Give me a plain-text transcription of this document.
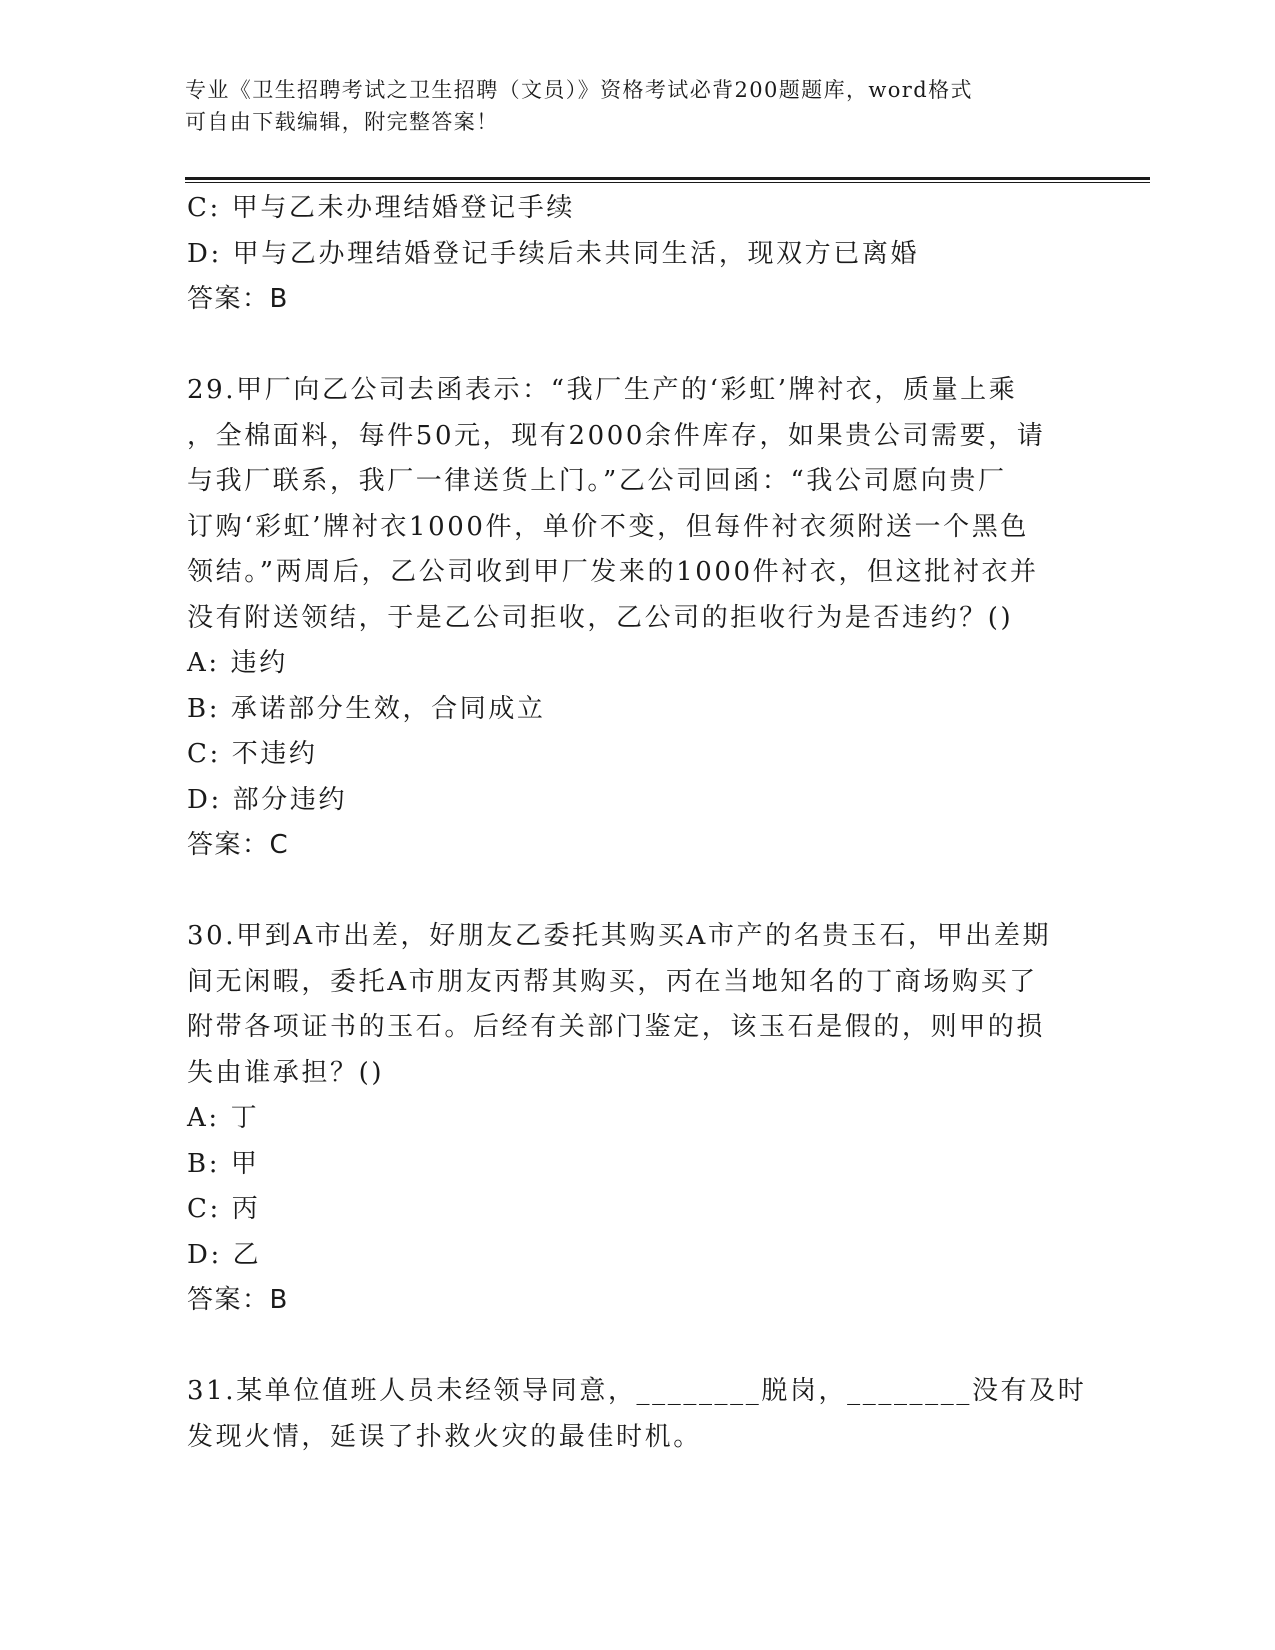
专业《卫生招聘考试之卫生招聘（文员）》资格考试必背200题题库，word格式
可自由下载编辑，附完整答案！
C: 甲与乙未办理结婚登记手续
D: 甲与乙办理结婚登记手续后未共同生活，现双方已离婚
答案：B
29.甲厂向乙公司去函表示：“我厂生产的‘彩虹’牌衬衣，质量上乘
，全棉面料，每件50元，现有2000余件库存，如果贵公司需要，请
与我厂联系，我厂一律送货上门。”乙公司回函：“我公司愿向贵厂
订购‘彩虹’牌衬衣1000件，单价不变，但每件衬衣须附送一个黑色
领结。”两周后，乙公司收到甲厂发来的1000件衬衣，但这批衬衣并
没有附送领结，于是乙公司拒收，乙公司的拒收行为是否违约？()
A: 违约
B: 承诺部分生效，合同成立
C: 不违约
D: 部分违约
答案：C
30.甲到A市出差，好朋友乙委托其购买A市产的名贵玉石，甲出差期
间无闲暇，委托A市朋友丙帮其购买，丙在当地知名的丁商场购买了
附带各项证书的玉石。后经有关部门鉴定，该玉石是假的，则甲的损
失由谁承担？()
A: 丁
B: 甲
C: 丙
D: 乙
答案：B
31.某单位值班人员未经领导同意，________脱岗，________没有及时
发现火情，延误了扑救火灾的最佳时机。
